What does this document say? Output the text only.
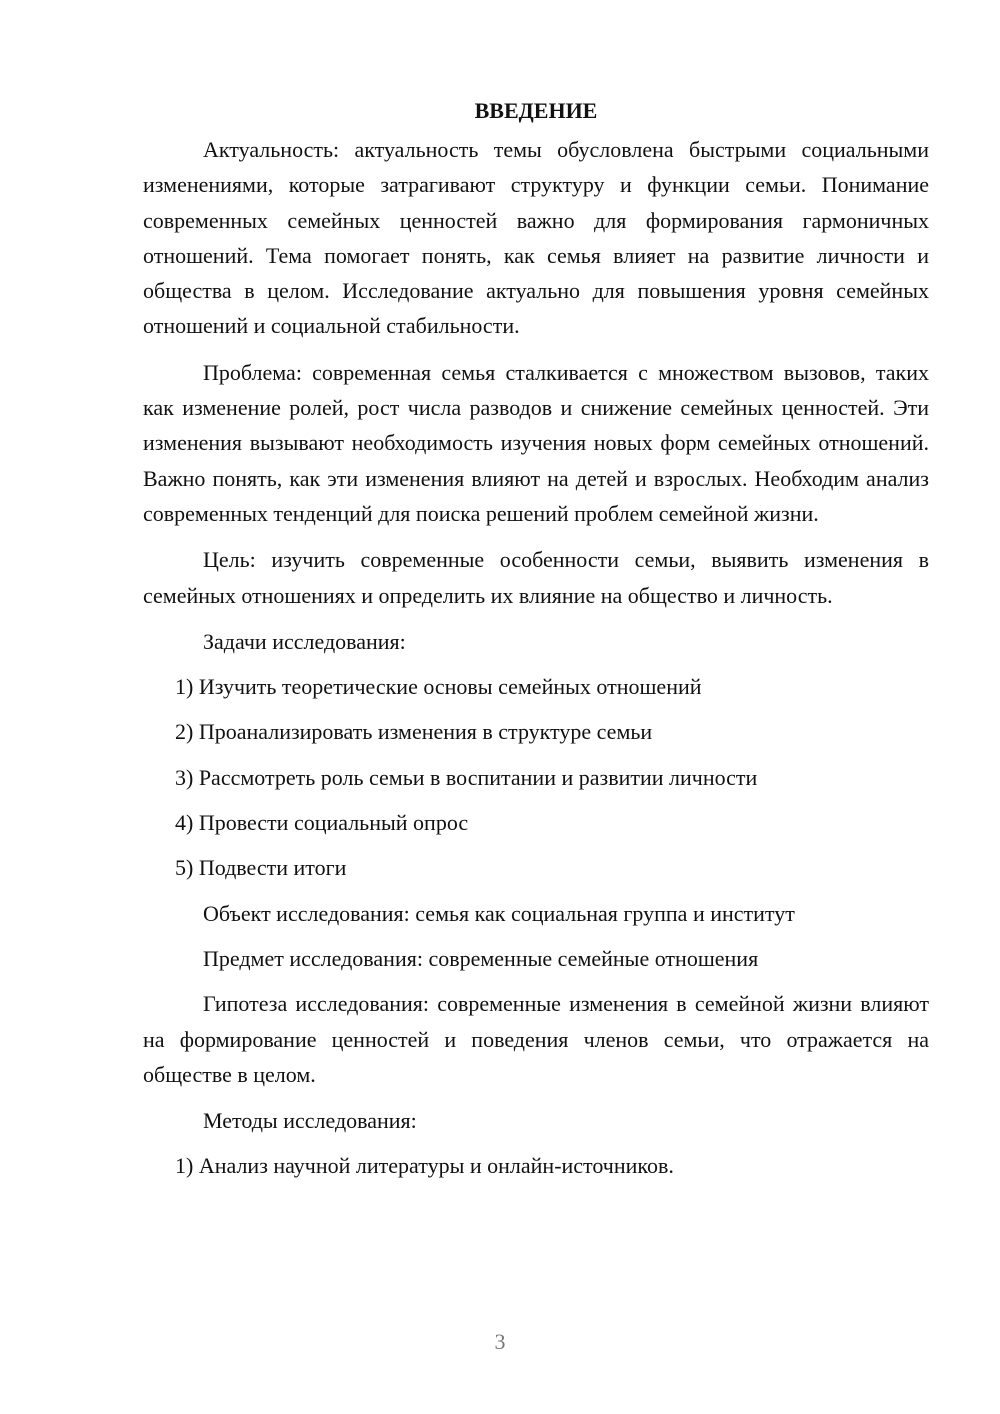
ВВЕДЕНИЕ

Актуальность: актуальность темы обусловлена быстрыми социальными изменениями, которые затрагивают структуру и функции семьи. Понимание современных семейных ценностей важно для формирования гармоничных отношений. Тема помогает понять, как семья влияет на развитие личности и общества в целом. Исследование актуально для повышения уровня семейных отношений и социальной стабильности.

Проблема: современная семья сталкивается с множеством вызовов, таких как изменение ролей, рост числа разводов и снижение семейных ценностей. Эти изменения вызывают необходимость изучения новых форм семейных отношений. Важно понять, как эти изменения влияют на детей и взрослых. Необходим анализ современных тенденций для поиска решений проблем семейной жизни.

Цель: изучить современные особенности семьи, выявить изменения в семейных отношениях и определить их влияние на общество и личность.

Задачи исследования:
1) Изучить теоретические основы семейных отношений
2) Проанализировать изменения в структуре семьи
3) Рассмотреть роль семьи в воспитании и развитии личности
4) Провести социальный опрос
5) Подвести итоги
Объект исследования: семья как социальная группа и институт
Предмет исследования: современные семейные отношения

Гипотеза исследования: современные изменения в семейной жизни влияют на формирование ценностей и поведения членов семьи, что отражается на обществе в целом.

Методы исследования:
1) Анализ научной литературы и онлайн-источников.
3
